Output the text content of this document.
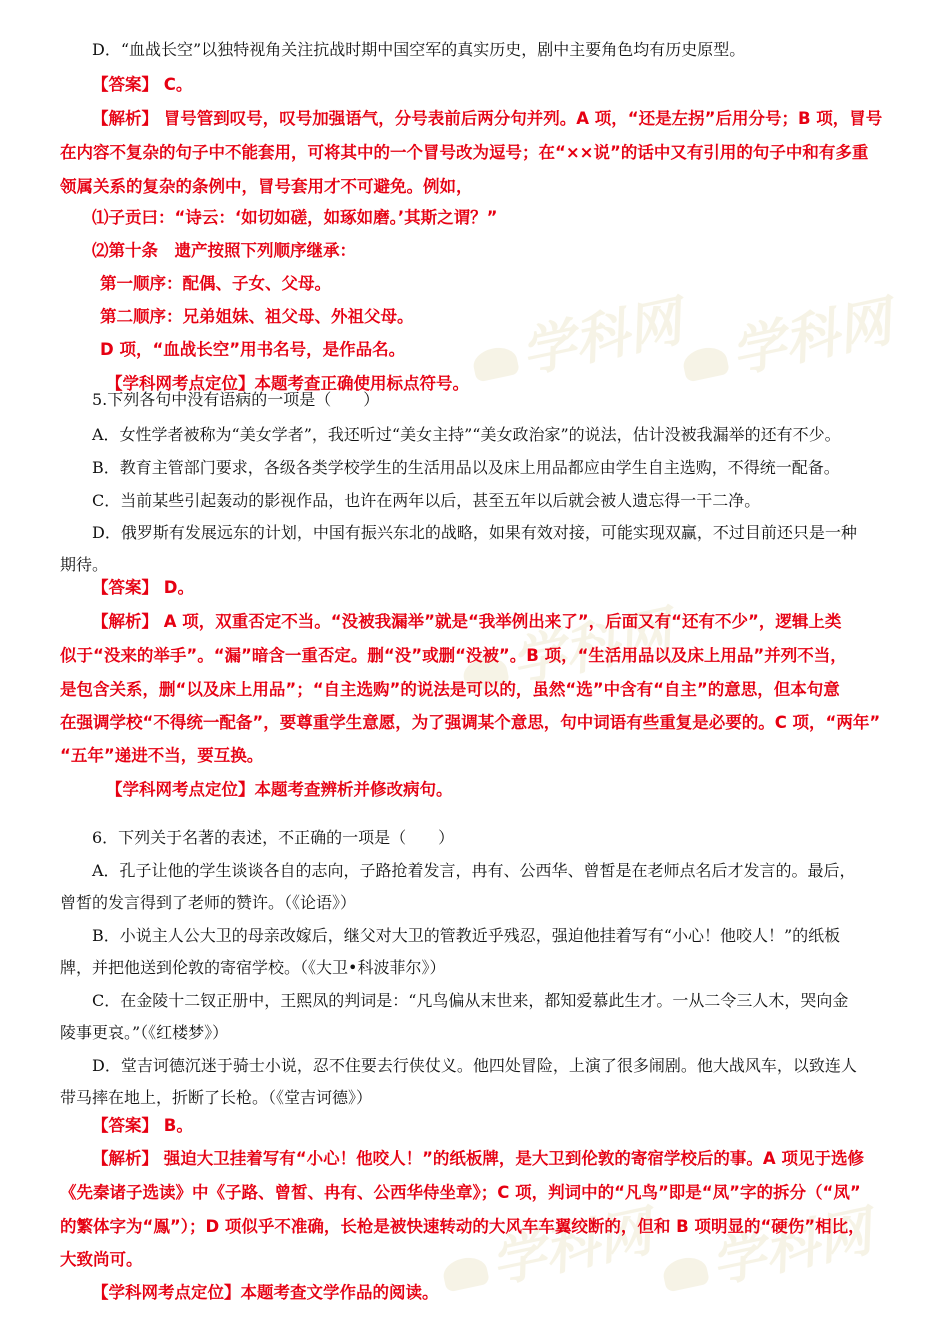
学科网 学科网
学科网
学科网 学科网
D．“血战长空”以独特视角关注抗战时期中国空军的真实历史，剧中主要角色均有历史原型。
【答案】 C。
【解析】 冒号管到叹号，叹号加强语气，分号表前后两分句并列。A 项，“还是左拐”后用分号；B 项，冒号
在内容不复杂的句子中不能套用，可将其中的一个冒号改为逗号；在“××说”的话中又有引用的句子中和有多重
领属关系的复杂的条例中，冒号套用才不可避免。例如，
⑴子贡曰：“诗云：‘如切如磋，如琢如磨。’其斯之谓？”
⑵第十条　遗产按照下列顺序继承：
第一顺序：配偶、子女、父母。
第二顺序：兄弟姐妹、祖父母、外祖父母。
D 项，“血战长空”用书名号，是作品名。
【学科网考点定位】本题考查正确使用标点符号。
5.下列各句中没有语病的一项是（　　）
A．女性学者被称为“美女学者”，我还听过“美女主持”“美女政治家”的说法，估计没被我漏举的还有不少。
B．教育主管部门要求，各级各类学校学生的生活用品以及床上用品都应由学生自主选购，不得统一配备。
C．当前某些引起轰动的影视作品，也许在两年以后，甚至五年以后就会被人遗忘得一干二净。
D．俄罗斯有发展远东的计划，中国有振兴东北的战略，如果有效对接，可能实现双赢，不过目前还只是一种
期待。
【答案】 D。
【解析】 A 项，双重否定不当。“没被我漏举”就是“我举例出来了”，后面又有“还有不少”，逻辑上类
似于“没来的举手”。“漏”暗含一重否定。删“没”或删“没被”。B 项，“生活用品以及床上用品”并列不当，
是包含关系，删“以及床上用品”；“自主选购”的说法是可以的，虽然“选”中含有“自主”的意思，但本句意
在强调学校“不得统一配备”，要尊重学生意愿，为了强调某个意思，句中词语有些重复是必要的。C 项，“两年”
“五年”递进不当，要互换。
【学科网考点定位】本题考查辨析并修改病句。
6．下列关于名著的表述，不正确的一项是（　　）
A．孔子让他的学生谈谈各自的志向，子路抢着发言，冉有、公西华、曾皙是在老师点名后才发言的。最后，
曾皙的发言得到了老师的赞许。（《论语》）
B．小说主人公大卫的母亲改嫁后，继父对大卫的管教近乎残忍，强迫他挂着写有“小心！他咬人！”的纸板
牌，并把他送到伦敦的寄宿学校。（《大卫•科波菲尔》）
C．在金陵十二钗正册中，王熙凤的判词是：“凡鸟偏从末世来，都知爱慕此生才。一从二令三人木，哭向金
陵事更哀。”（《红楼梦》）
D．堂吉诃德沉迷于骑士小说，忍不住要去行侠仗义。他四处冒险，上演了很多闹剧。他大战风车，以致连人
带马摔在地上，折断了长枪。（《堂吉诃德》）
【答案】 B。
【解析】 强迫大卫挂着写有“小心！他咬人！”的纸板牌，是大卫到伦敦的寄宿学校后的事。A 项见于选修
《先秦诸子选读》中《子路、曾皙、冉有、公西华侍坐章》；C 项，判词中的“凡鸟”即是“凤”字的拆分（“凤”
的繁体字为“鳯”）；D 项似乎不准确，长枪是被快速转动的大风车车翼绞断的，但和 B 项明显的“硬伤”相比，
大致尚可。
【学科网考点定位】本题考查文学作品的阅读。
